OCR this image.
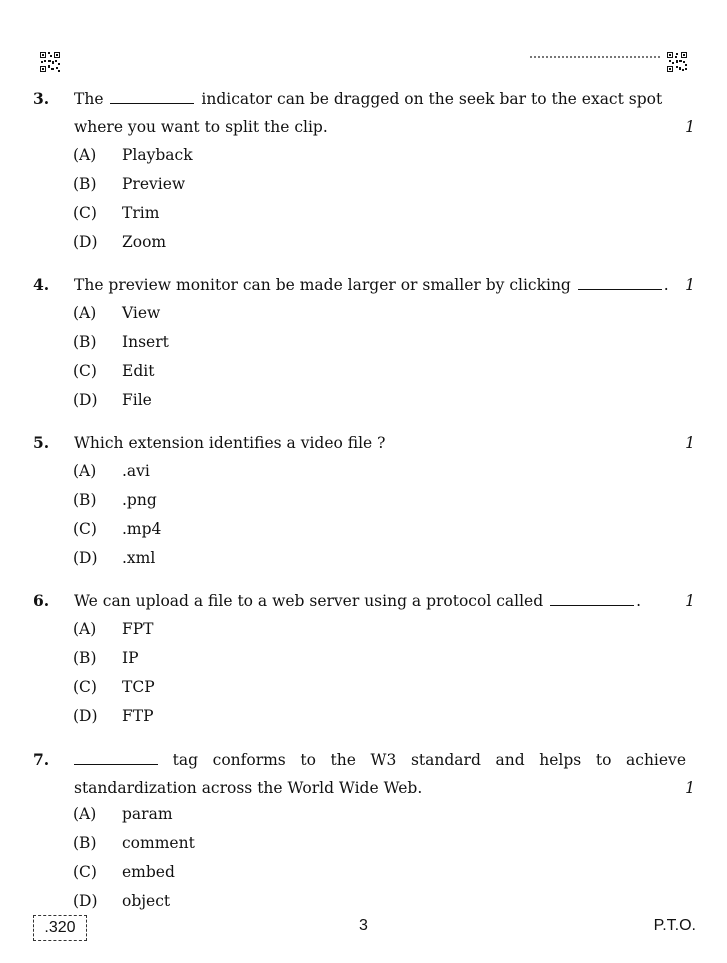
3. The	indicator can be dragged on the seek bar to the exact spot
where you want to split the clip.	1
(A) Playback
(B) Preview
(C) Trim
(D) Zoom
4. The preview monitor can be made larger or smaller by clicking	. 1
(A) View
(B) Insert
(C) Edit
(D) File
5. Which extension identifies a video file ?	1
(A) .avi
(B) .png
(C) .mp4
(D) .xml
6. We can upload a file to a web server using a protocol called	.	1
(A) FPT
(B) IP
(C) TCP
(D) FTP
7.	tag conforms to the W3 standard and helps to achieve
standardization across the World Wide Web.	1
(A) param
(B) comment
(C) embed
(D) object
.320	3	P.T.O.
